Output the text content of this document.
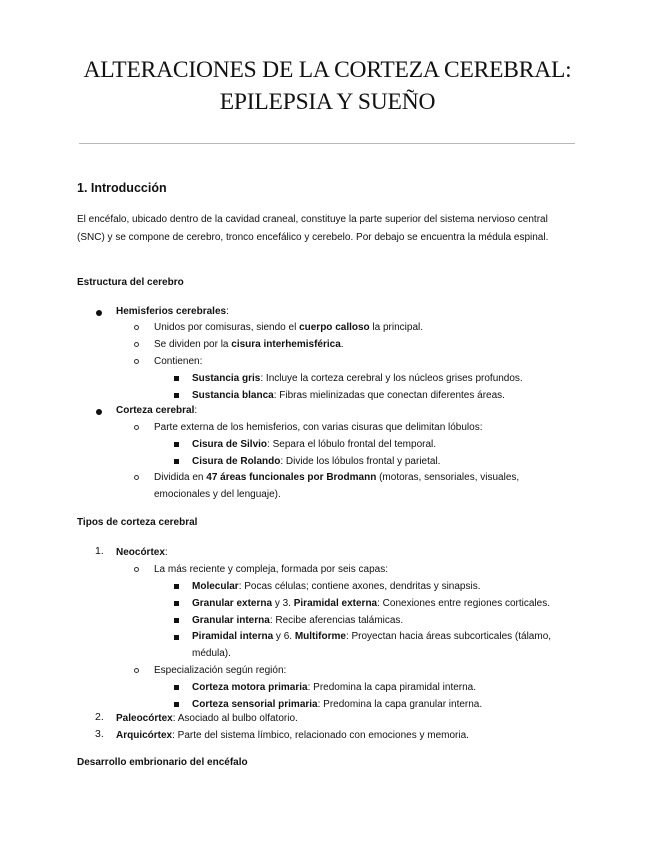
ALTERACIONES DE LA CORTEZA CEREBRAL:
EPILEPSIA Y SUEÑO
1. Introducción
El encéfalo, ubicado dentro de la cavidad craneal, constituye la parte superior del sistema nervioso central (SNC) y se compone de cerebro, tronco encefálico y cerebelo. Por debajo se encuentra la médula espinal.
Estructura del cerebro
Hemisferios cerebrales:
Unidos por comisuras, siendo el cuerpo calloso la principal.
Se dividen por la cisura interhemisférica.
Contienen:
Sustancia gris: Incluye la corteza cerebral y los núcleos grises profundos.
Sustancia blanca: Fibras mielinizadas que conectan diferentes áreas.
Corteza cerebral:
Parte externa de los hemisferios, con varias cisuras que delimitan lóbulos:
Cisura de Silvio: Separa el lóbulo frontal del temporal.
Cisura de Rolando: Divide los lóbulos frontal y parietal.
Dividida en 47 áreas funcionales por Brodmann (motoras, sensoriales, visuales, emocionales y del lenguaje).
Tipos de corteza cerebral
1. Neocórtex:
La más reciente y compleja, formada por seis capas:
Molecular: Pocas células; contiene axones, dendritas y sinapsis.
Granular externa y 3. Piramidal externa: Conexiones entre regiones corticales.
Granular interna: Recibe aferencias talámicas.
Piramidal interna y 6. Multiforme: Proyectan hacia áreas subcorticales (tálamo, médula).
Especialización según región:
Corteza motora primaria: Predomina la capa piramidal interna.
Corteza sensorial primaria: Predomina la capa granular interna.
2. Paleocórtex: Asociado al bulbo olfatorio.
3. Arquicórtex: Parte del sistema límbico, relacionado con emociones y memoria.
Desarrollo embrionario del encéfalo
